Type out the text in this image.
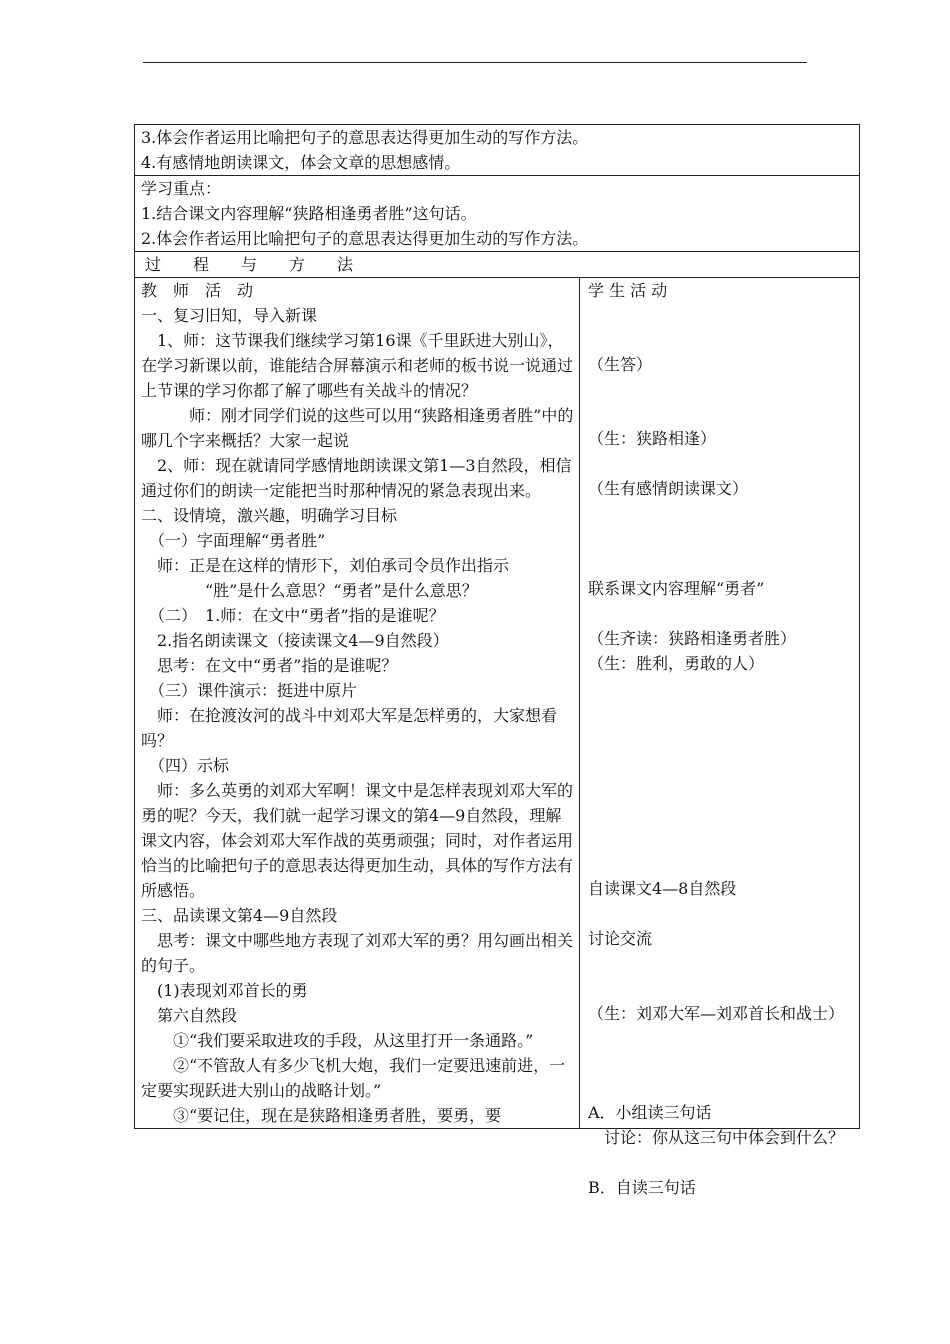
3.体会作者运用比喻把句子的意思表达得更加生动的写作方法。
4.有感情地朗读课文，体会文章的思想感情。
学习重点：
1.结合课文内容理解“狭路相逢勇者胜”这句话。
2.体会作者运用比喻把句子的意思表达得更加生动的写作方法。
过　　程　　与　　方　　法
教　师　活　动
一、复习旧知，导入新课
　1、师：这节课我们继续学习第16课《千里跃进大别山》，在学习新课以前，谁能结合屏幕演示和老师的板书说一说通过上节课的学习你都了解了哪些有关战斗的情况？
　　　师：刚才同学们说的这些可以用“狭路相逢勇者胜”中的哪几个字来概括？大家一起说
　2、师：现在就请同学感情地朗读课文第1—3自然段，相信通过你们的朗读一定能把当时那种情况的紧急表现出来。
二、设情境，激兴趣，明确学习目标
　（一）字面理解“勇者胜”
　师：正是在这样的情形下，刘伯承司令员作出指示
　　　　“胜”是什么意思？“勇者”是什么意思？
　（二）　1.师：在文中“勇者”指的是谁呢？
　2.指名朗读课文（接读课文4—9自然段）
　思考：在文中“勇者”指的是谁呢？
　（三）课件演示：挺进中原片
　师：在抢渡汝河的战斗中刘邓大军是怎样勇的，大家想看吗？
　（四）示标
　师：多么英勇的刘邓大军啊！课文中是怎样表现刘邓大军的勇的呢？今天，我们就一起学习课文的第4—9自然段，理解课文内容，体会刘邓大军作战的英勇顽强；同时，对作者运用恰当的比喻把句子的意思表达得更加生动，具体的写作方法有所感悟。
三、品读课文第4—9自然段
　思考：课文中哪些地方表现了刘邓大军的勇？用勾画出相关的句子。
　(1)表现刘邓首长的勇
　第六自然段
　　①“我们要采取进攻的手段，从这里打开一条通路。”
　　②“不管敌人有多少飞机大炮，我们一定要迅速前进，一定要实现跃进大别山的战略计划。”
　　③“要记住，现在是狭路相逢勇者胜，要勇，要
学 生 活 动
（生答）
（生：狭路相逢）
（生有感情朗读课文）
联系课文内容理解“勇者”
（生齐读：狭路相逢勇者胜）
（生：胜利，勇敢的人）
自读课文4—8自然段
讨论交流
（生：刘邓大军—刘邓首长和战士）
A．小组读三句话
　讨论：你从这三句中体会到什么？
B．自读三句话
